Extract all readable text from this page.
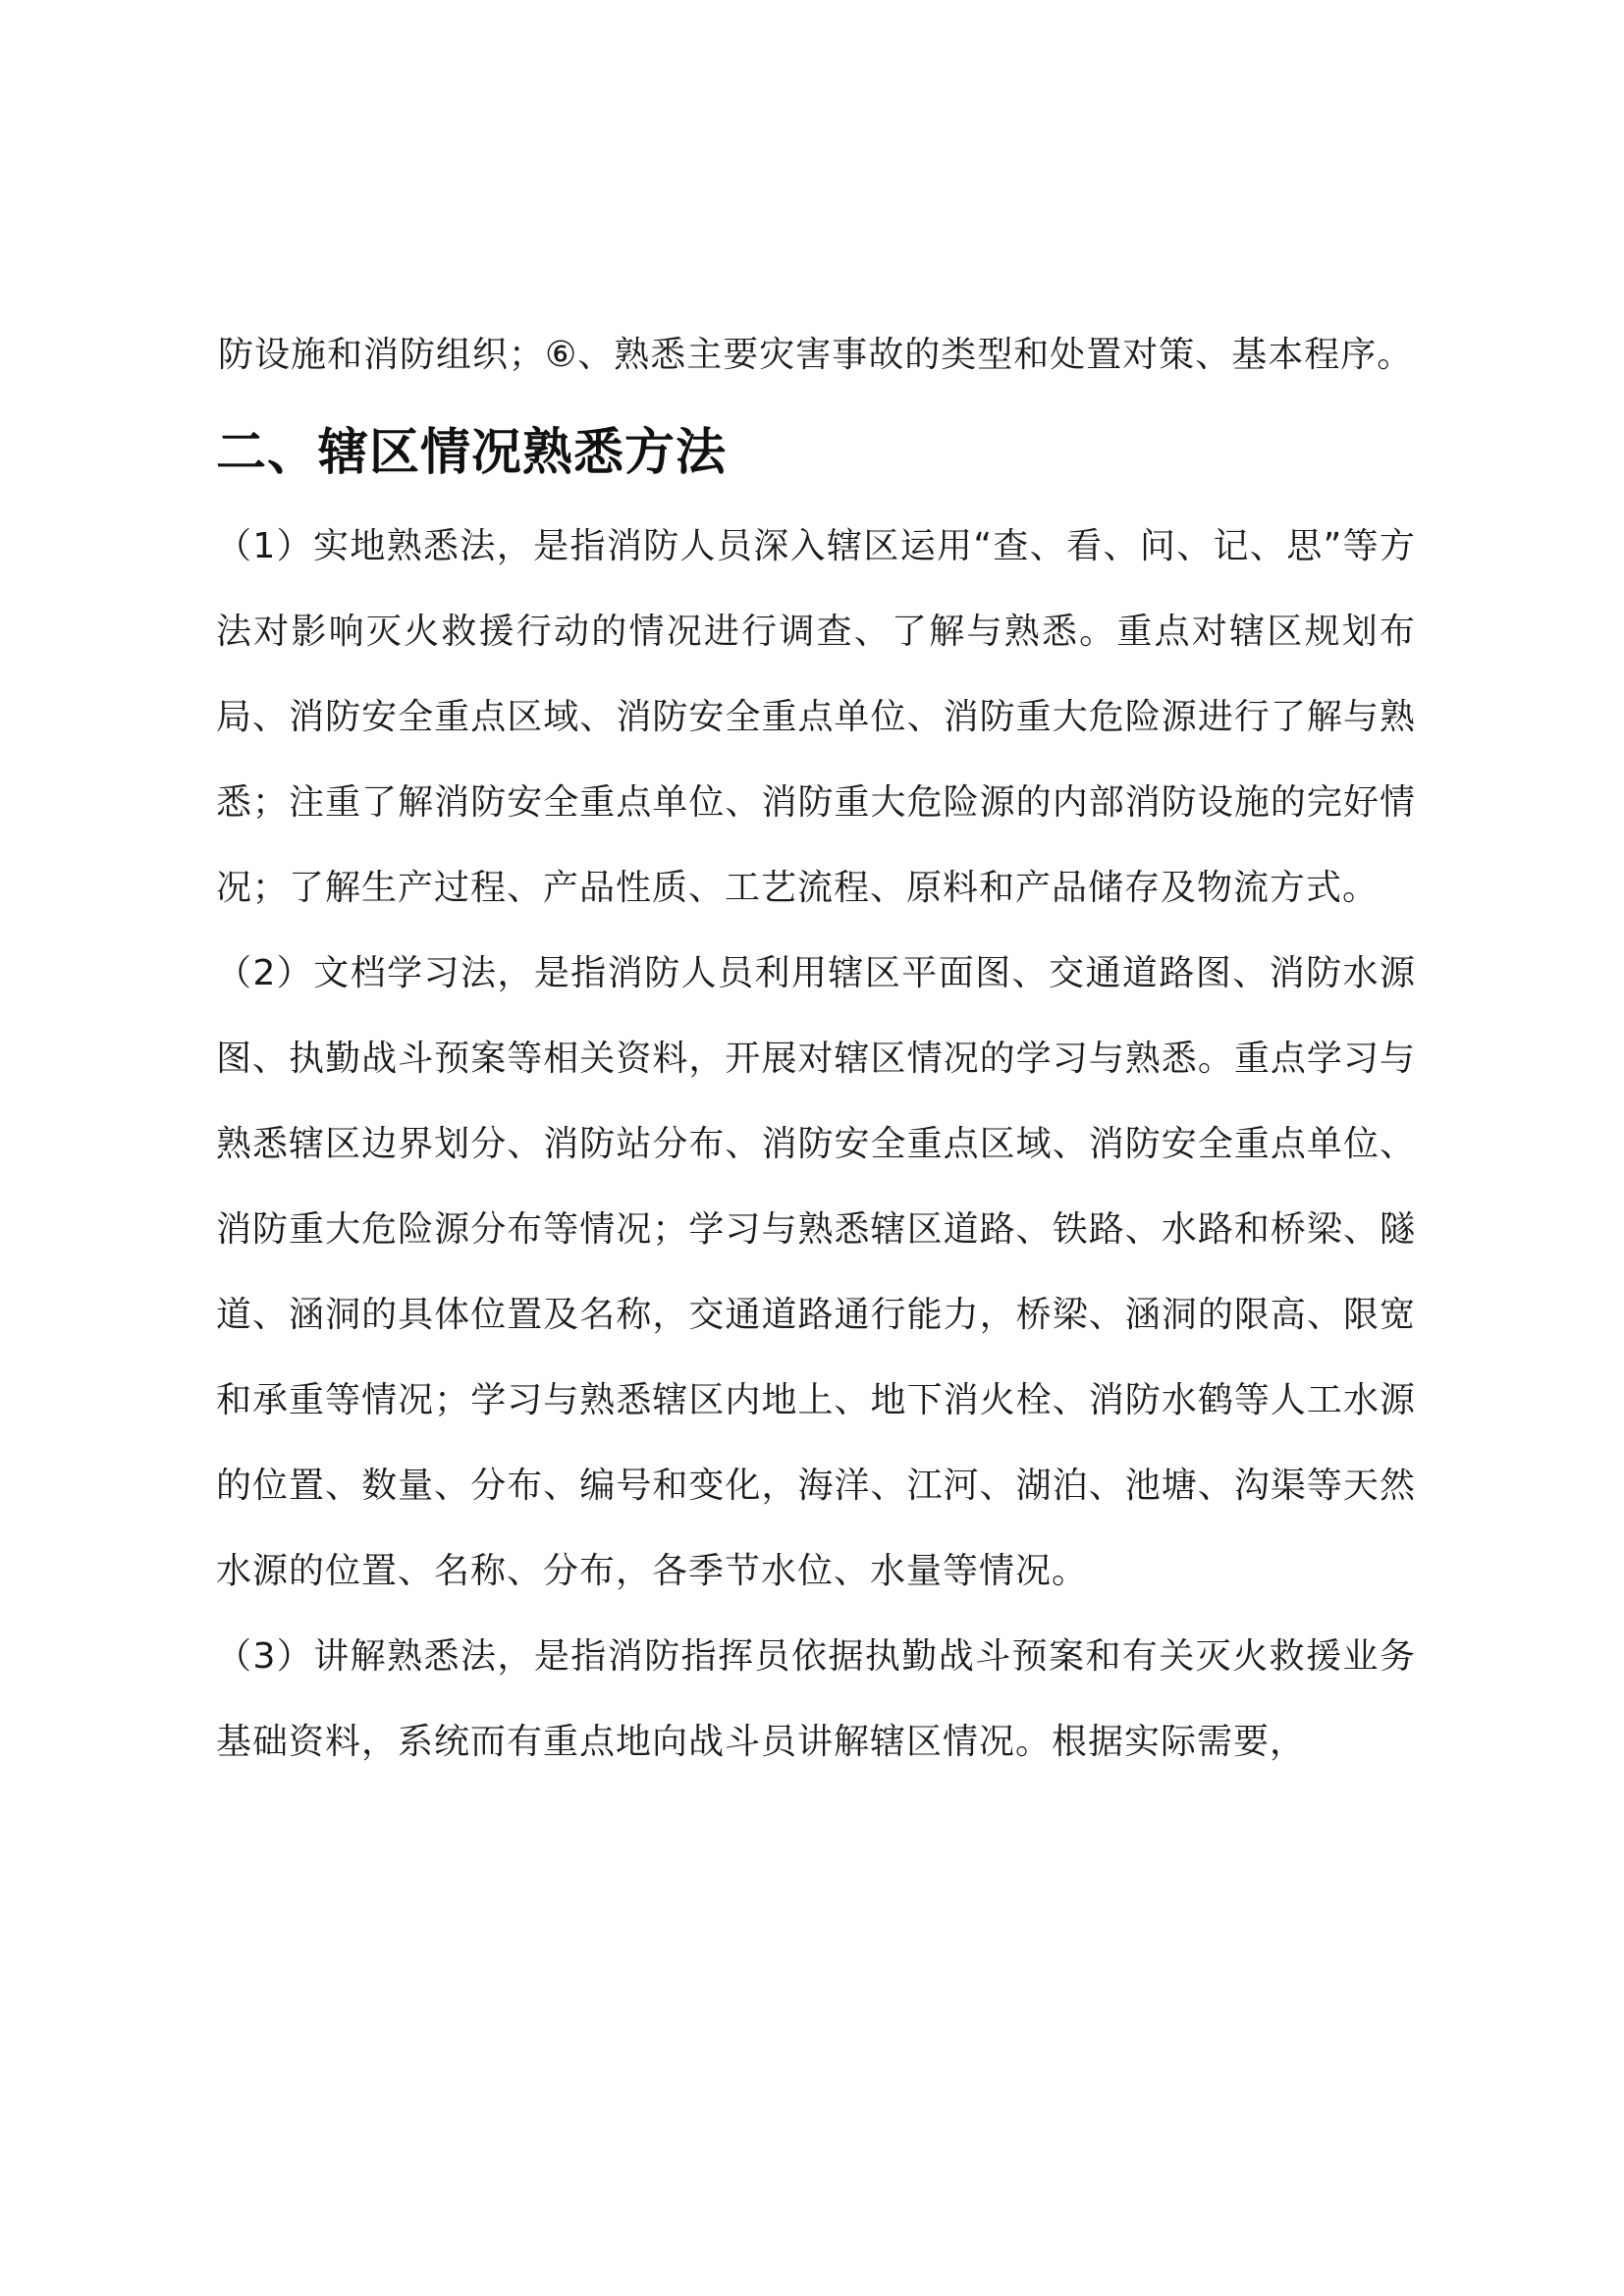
防设施和消防组织；⑥、熟悉主要灾害事故的类型和处置对策、基本程序。

二、辖区情况熟悉方法

（1）实地熟悉法，是指消防人员深入辖区运用“查、看、问、记、思”等方法对影响灭火救援行动的情况进行调查、了解与熟悉。重点对辖区规划布局、消防安全重点区域、消防安全重点单位、消防重大危险源进行了解与熟悉；注重了解消防安全重点单位、消防重大危险源的内部消防设施的完好情况；了解生产过程、产品性质、工艺流程、原料和产品储存及物流方式。

（2）文档学习法，是指消防人员利用辖区平面图、交通道路图、消防水源图、执勤战斗预案等相关资料，开展对辖区情况的学习与熟悉。重点学习与熟悉辖区边界划分、消防站分布、消防安全重点区域、消防安全重点单位、消防重大危险源分布等情况；学习与熟悉辖区道路、铁路、水路和桥梁、隧道、涵洞的具体位置及名称，交通道路通行能力，桥梁、涵洞的限高、限宽和承重等情况；学习与熟悉辖区内地上、地下消火栓、消防水鹤等人工水源的位置、数量、分布、编号和变化，海洋、江河、湖泊、池塘、沟渠等天然水源的位置、名称、分布，各季节水位、水量等情况。

（3）讲解熟悉法，是指消防指挥员依据执勤战斗预案和有关灭火救援业务基础资料，系统而有重点地向战斗员讲解辖区情况。根据实际需要，
